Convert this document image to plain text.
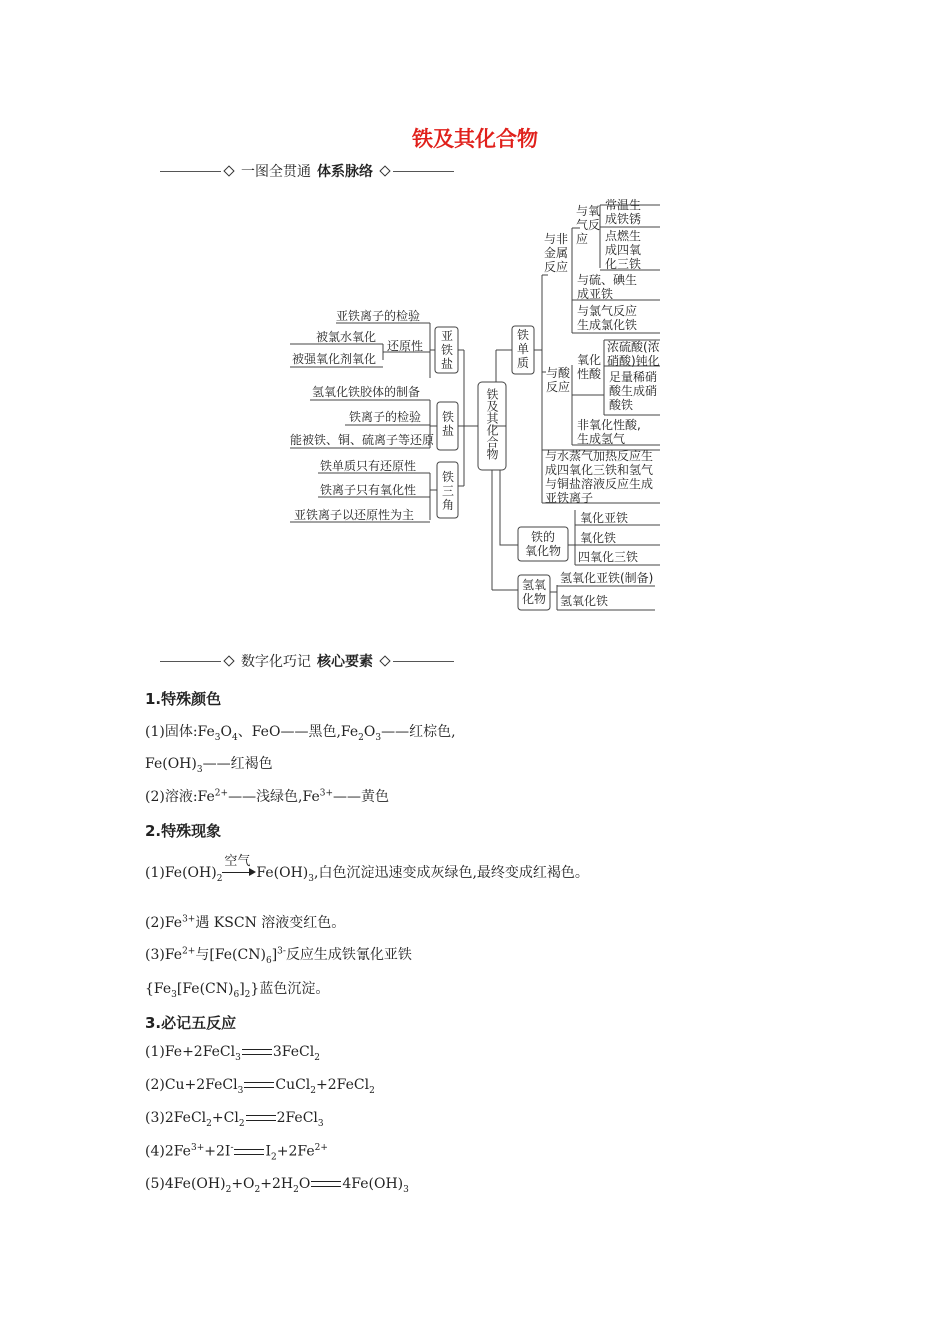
铁及其化合物
一图全贯通 体系脉络
铁及其化合物
亚
铁
盐
亚铁离子的检验
被氯水氧化
被强氧化剂氧化
还原性
铁
盐
氢氧化铁胶体的制备
铁离子的检验
能被铁、铜、硫离子等还原
铁
三
角
铁单质只有还原性
铁离子只有氧化性
亚铁离子以还原性为主
铁
单
质
与非
金属
反应
与氧
气反
应
常温生
成铁锈
点燃生
成四氧
化三铁
与硫、碘生
成亚铁
与氯气反应
生成氯化铁
与酸
反应
氧化
性酸
浓硫酸(浓
硝酸)钝化
足量稀硝
酸生成硝
酸铁
非氧化性酸,
生成氢气
与水蒸气加热反应生
成四氧化三铁和氢气
与铜盐溶液反应生成
亚铁离子
铁的
氧化物
氧化亚铁
氧化铁
四氧化三铁
氢氧
化物
氢氧化亚铁(制备)
氢氧化铁
数字化巧记 核心要素
1.特殊颜色
(1)固体$:Fe_3O_4$、FeO——黑色$,Fe_2O_3——$红棕色,
$Fe(OH)_3——$红褐色
(2)溶液$:Fe^{2+}——$浅绿色$,Fe^{3+}——$黄色
2.特殊现象
$(1)Fe(OH)_2$
空气
$Fe(OH)_3$,白色沉淀迅速变成灰绿色,最终变成红褐色。
$(2)Fe^{3+}$遇 KSCN 溶液变红色。
$(3)Fe^{2+}$与$[Fe(CN)_6]^{3-}$反应生成铁氰化亚铁
$\{Fe_3[Fe(CN)_6]_2\}$蓝色沉淀。
3.必记五反应
(1)Fe+2FeCl$_3$ 3FeCl$_2$
(2)Cu+2FeCl$_3$ CuCl$_2$+2FeCl$_2$
$(3)2FeCl_2+Cl_2$ 2FeCl$_3$
$(4)2Fe^{3+}+2I^-$ $I_2+2Fe^{2+}$
$(5)4Fe(OH)_2+O_2+2H_2O$ $4Fe(OH)_3$
